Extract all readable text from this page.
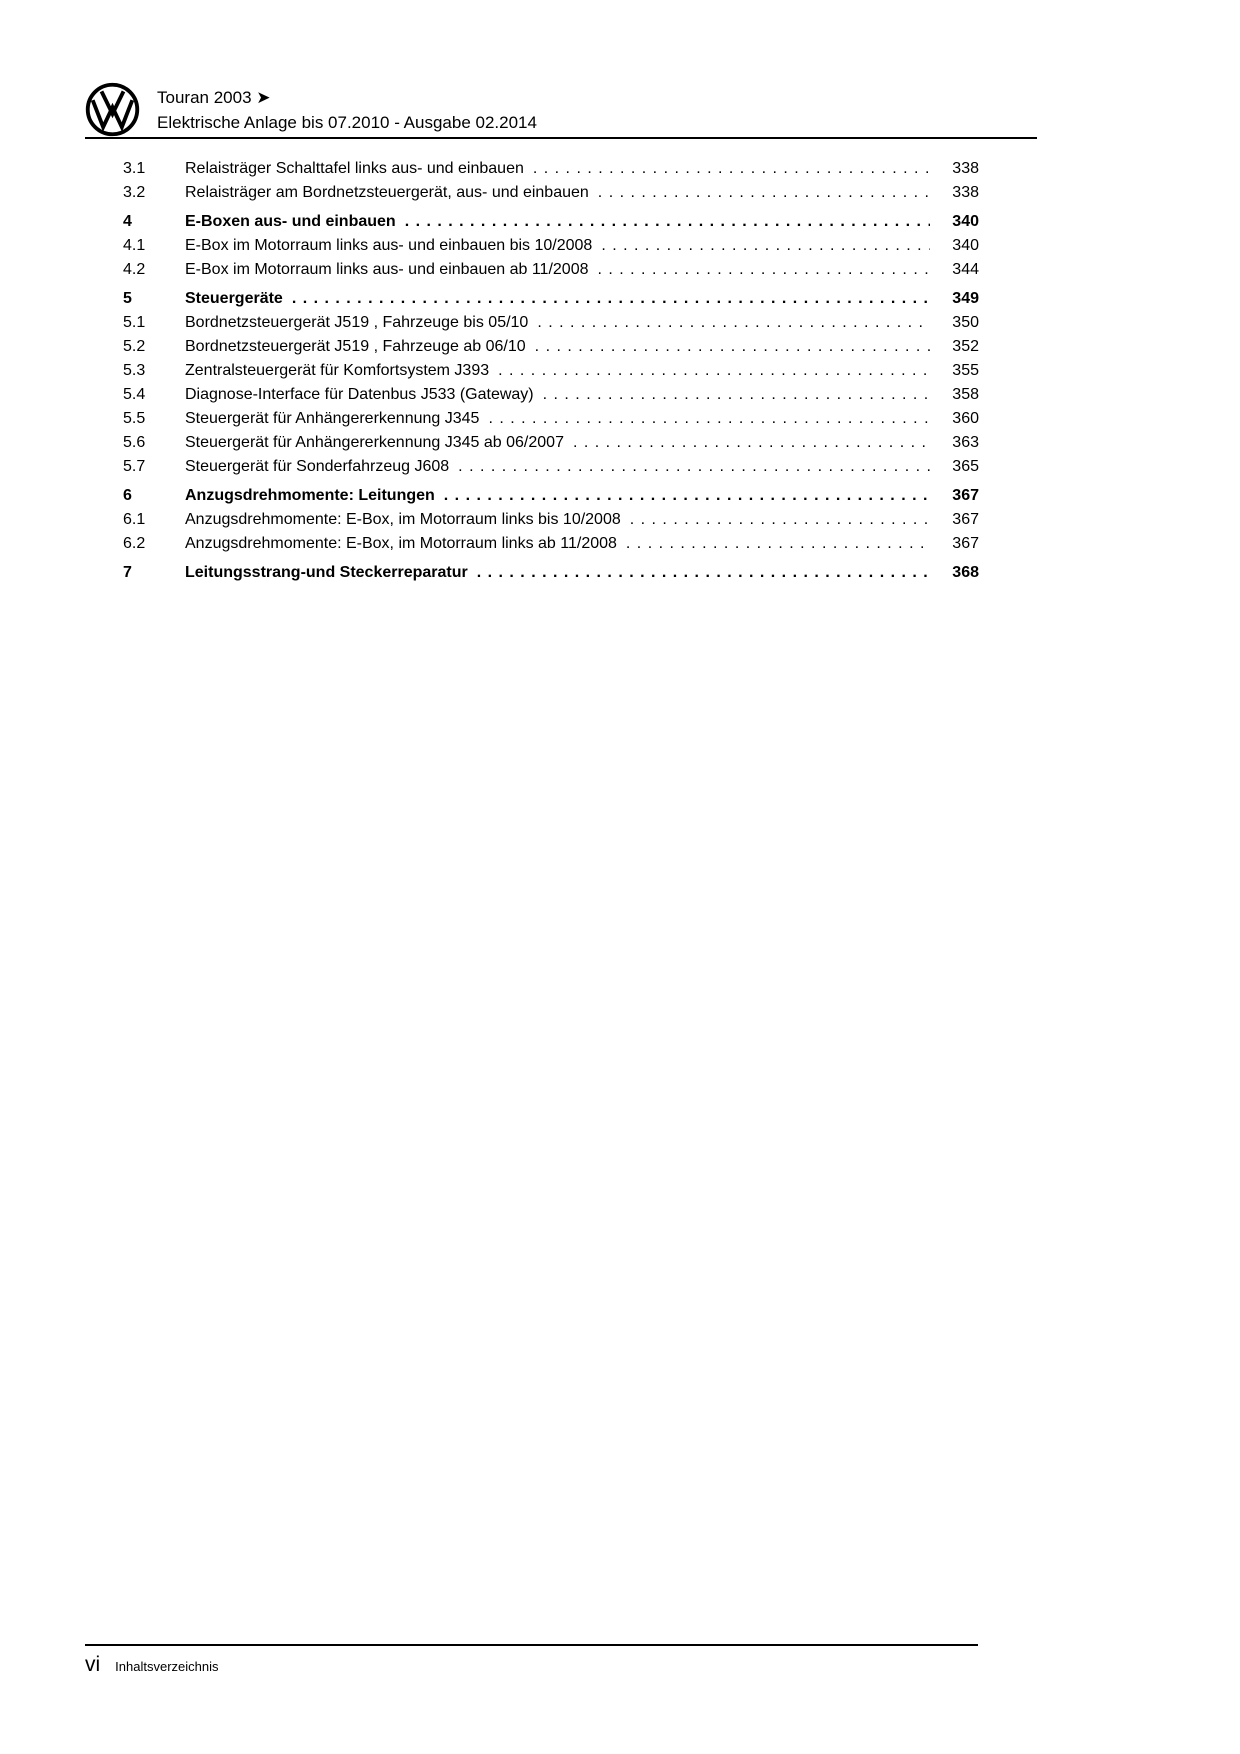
Touran 2003 ➤
Elektrische Anlage bis 07.2010 - Ausgabe 02.2014
3.1	Relaisträger Schalttafel links aus- und einbauen . . .	338
3.2	Relaisträger am Bordnetzsteuergerät, aus- und einbauen . . .	338
4	E-Boxen aus- und einbauen . . .	340
4.1	E-Box im Motorraum links aus- und einbauen bis 10/2008 . . .	340
4.2	E-Box im Motorraum links aus- und einbauen ab 11/2008 . . .	344
5	Steuergeräte . . .	349
5.1	Bordnetzsteuergerät J519 , Fahrzeuge bis 05/10 . . .	350
5.2	Bordnetzsteuergerät J519 , Fahrzeuge ab 06/10 . . .	352
5.3	Zentralsteuergerät für Komfortsystem J393 . . .	355
5.4	Diagnose-Interface für Datenbus J533 (Gateway) . . .	358
5.5	Steuergerät für Anhängererkennung J345 . . .	360
5.6	Steuergerät für Anhängererkennung J345 ab 06/2007 . . .	363
5.7	Steuergerät für Sonderfahrzeug J608 . . .	365
6	Anzugsdrehmomente: Leitungen . . .	367
6.1	Anzugsdrehmomente: E-Box, im Motorraum links bis 10/2008 . . .	367
6.2	Anzugsdrehmomente: E-Box, im Motorraum links ab 11/2008 . . .	367
7	Leitungsstrang-und Steckerreparatur . . .	368
vi Inhaltsverzeichnis
